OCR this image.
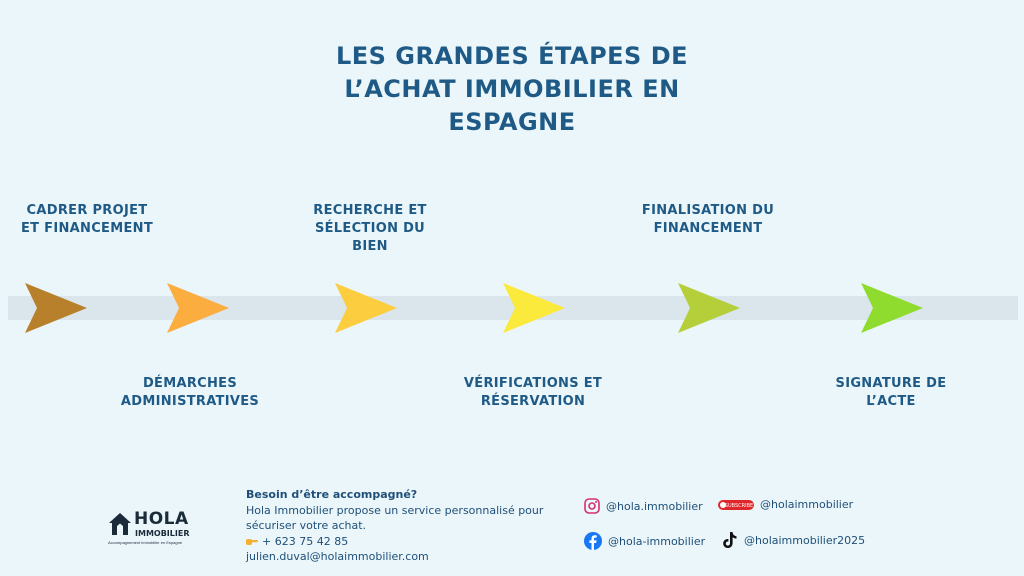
LES GRANDES ÉTAPES DE
L’ACHAT IMMOBILIER EN
ESPAGNE
CADRER PROJET
ET FINANCEMENT
RECHERCHE ET
SÉLECTION DU
BIEN
FINALISATION DU
FINANCEMENT
DÉMARCHES
ADMINISTRATIVES
VÉRIFICATIONS ET
RÉSERVATION
SIGNATURE DE
L’ACTE
HOLA
IMMOBILIER
Accompagnement immobilier en Espagne
Besoin d’être accompagné?
Hola Immobilier propose un service personnalisé pour
sécuriser votre achat.
+ 623 75 42 85
julien.duval@holaimmobilier.com
@hola.immobilier	SUBSCRIBE @holaimmobilier
@hola-immobilier	@holaimmobilier2025
